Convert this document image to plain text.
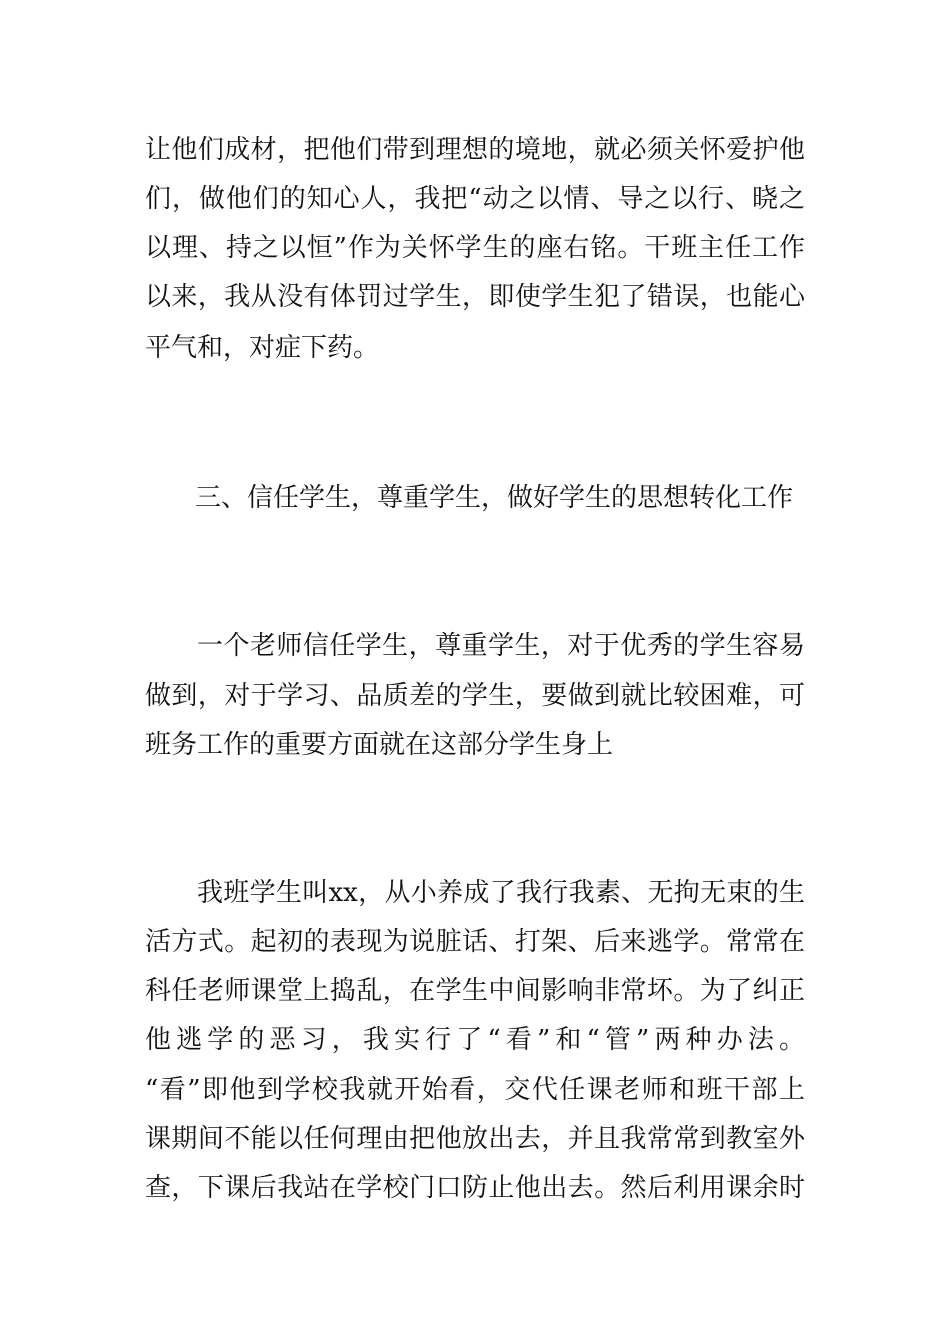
让他们成材，把他们带到理想的境地，就必须关怀爱护他
们，做他们的知心人，我把“动之以情、导之以行、晓之
以理、持之以恒”作为关怀学生的座右铭。干班主任工作
以来，我从没有体罚过学生，即使学生犯了错误，也能心
平气和，对症下药。
三、信任学生，尊重学生，做好学生的思想转化工作
一个老师信任学生，尊重学生，对于优秀的学生容易
做到，对于学习、品质差的学生，要做到就比较困难，可
班务工作的重要方面就在这部分学生身上
我班学生叫xx，从小养成了我行我素、无拘无束的生
活方式。起初的表现为说脏话、打架、后来逃学。常常在
科任老师课堂上捣乱，在学生中间影响非常坏。为了纠正
他逃学的恶习，我实行了“看”和“管”两种办法。
“看”即他到学校我就开始看，交代任课老师和班干部上
课期间不能以任何理由把他放出去，并且我常常到教室外
查，下课后我站在学校门口防止他出去。然后利用课余时
